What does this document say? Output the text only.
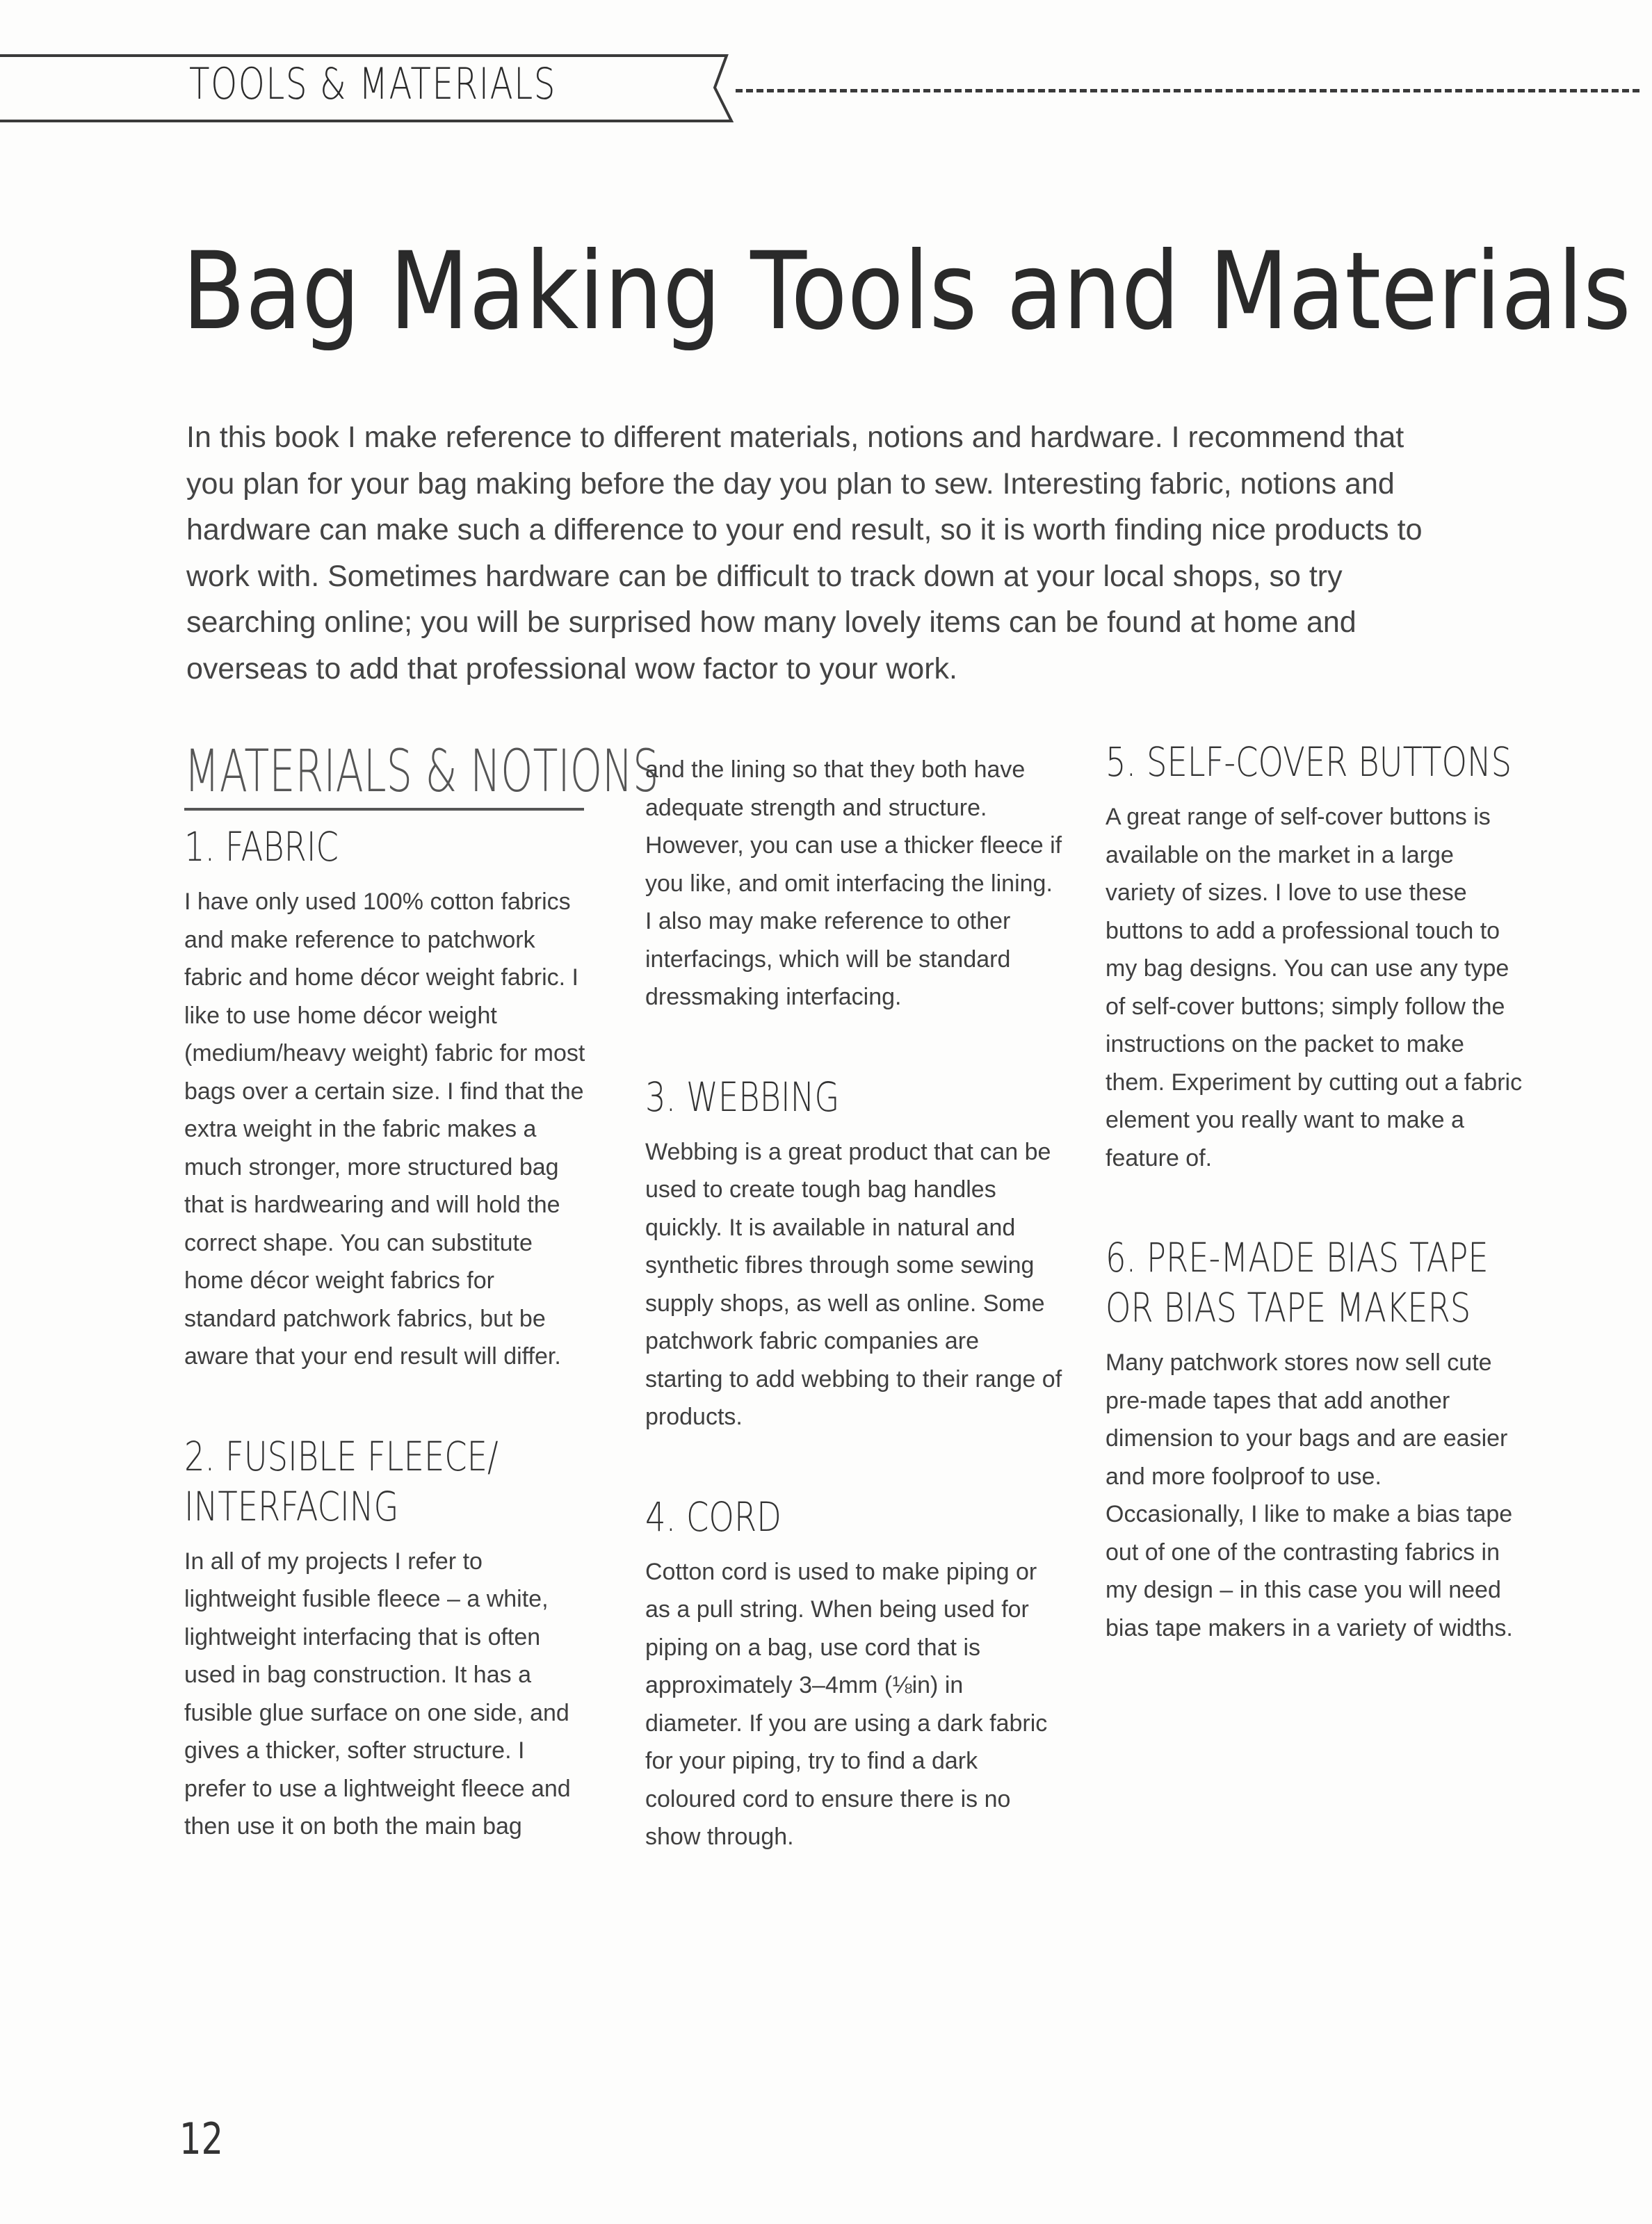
TOOLS & MATERIALS
Bag Making Tools and Materials

In this book I make reference to different materials, notions and hardware. I recommend that you plan for your bag making before the day you plan to sew. Interesting fabric, notions and hardware can make such a difference to your end result, so it is worth finding nice products to work with. Sometimes hardware can be difficult to track down at your local shops, so try searching online; you will be surprised how many lovely items can be found at home and overseas to add that professional wow factor to your work.

MATERIALS & NOTIONS
1. FABRIC

I have only used 100% cotton fabrics and make reference to patchwork fabric and home décor weight fabric. I like to use home décor weight (medium/heavy weight) fabric for most bags over a certain size. I find that the extra weight in the fabric makes a much stronger, more structured bag that is hardwearing and will hold the correct shape. You can substitute home décor weight fabrics for standard patchwork fabrics, but be aware that your end result will differ.

2. FUSIBLE FLEECE/
INTERFACING

In all of my projects I refer to lightweight fusible fleece – a white, lightweight interfacing that is often used in bag construction. It has a fusible glue surface on one side, and gives a thicker, softer structure. I prefer to use a lightweight fleece and then use it on both the main bag

and the lining so that they both have adequate strength and structure. However, you can use a thicker fleece if you like, and omit interfacing the lining. I also may make reference to other interfacings, which will be standard dressmaking interfacing.

3. WEBBING

Webbing is a great product that can be used to create tough bag handles quickly. It is available in natural and synthetic fibres through some sewing supply shops, as well as online. Some patchwork fabric companies are starting to add webbing to their range of products.

4. CORD

Cotton cord is used to make piping or as a pull string. When being used for piping on a bag, use cord that is approximately 3–4mm (⅛in) in diameter. If you are using a dark fabric for your piping, try to find a dark coloured cord to ensure there is no show through.

5. SELF-COVER BUTTONS

A great range of self-cover buttons is available on the market in a large variety of sizes. I love to use these buttons to add a professional touch to my bag designs. You can use any type of self-cover buttons; simply follow the instructions on the packet to make them. Experiment by cutting out a fabric element you really want to make a feature of.

6. PRE-MADE BIAS TAPE
OR BIAS TAPE MAKERS

Many patchwork stores now sell cute pre-made tapes that add another dimension to your bags and are easier and more foolproof to use. Occasionally, I like to make a bias tape out of one of the contrasting fabrics in my design – in this case you will need bias tape makers in a variety of widths.

12
